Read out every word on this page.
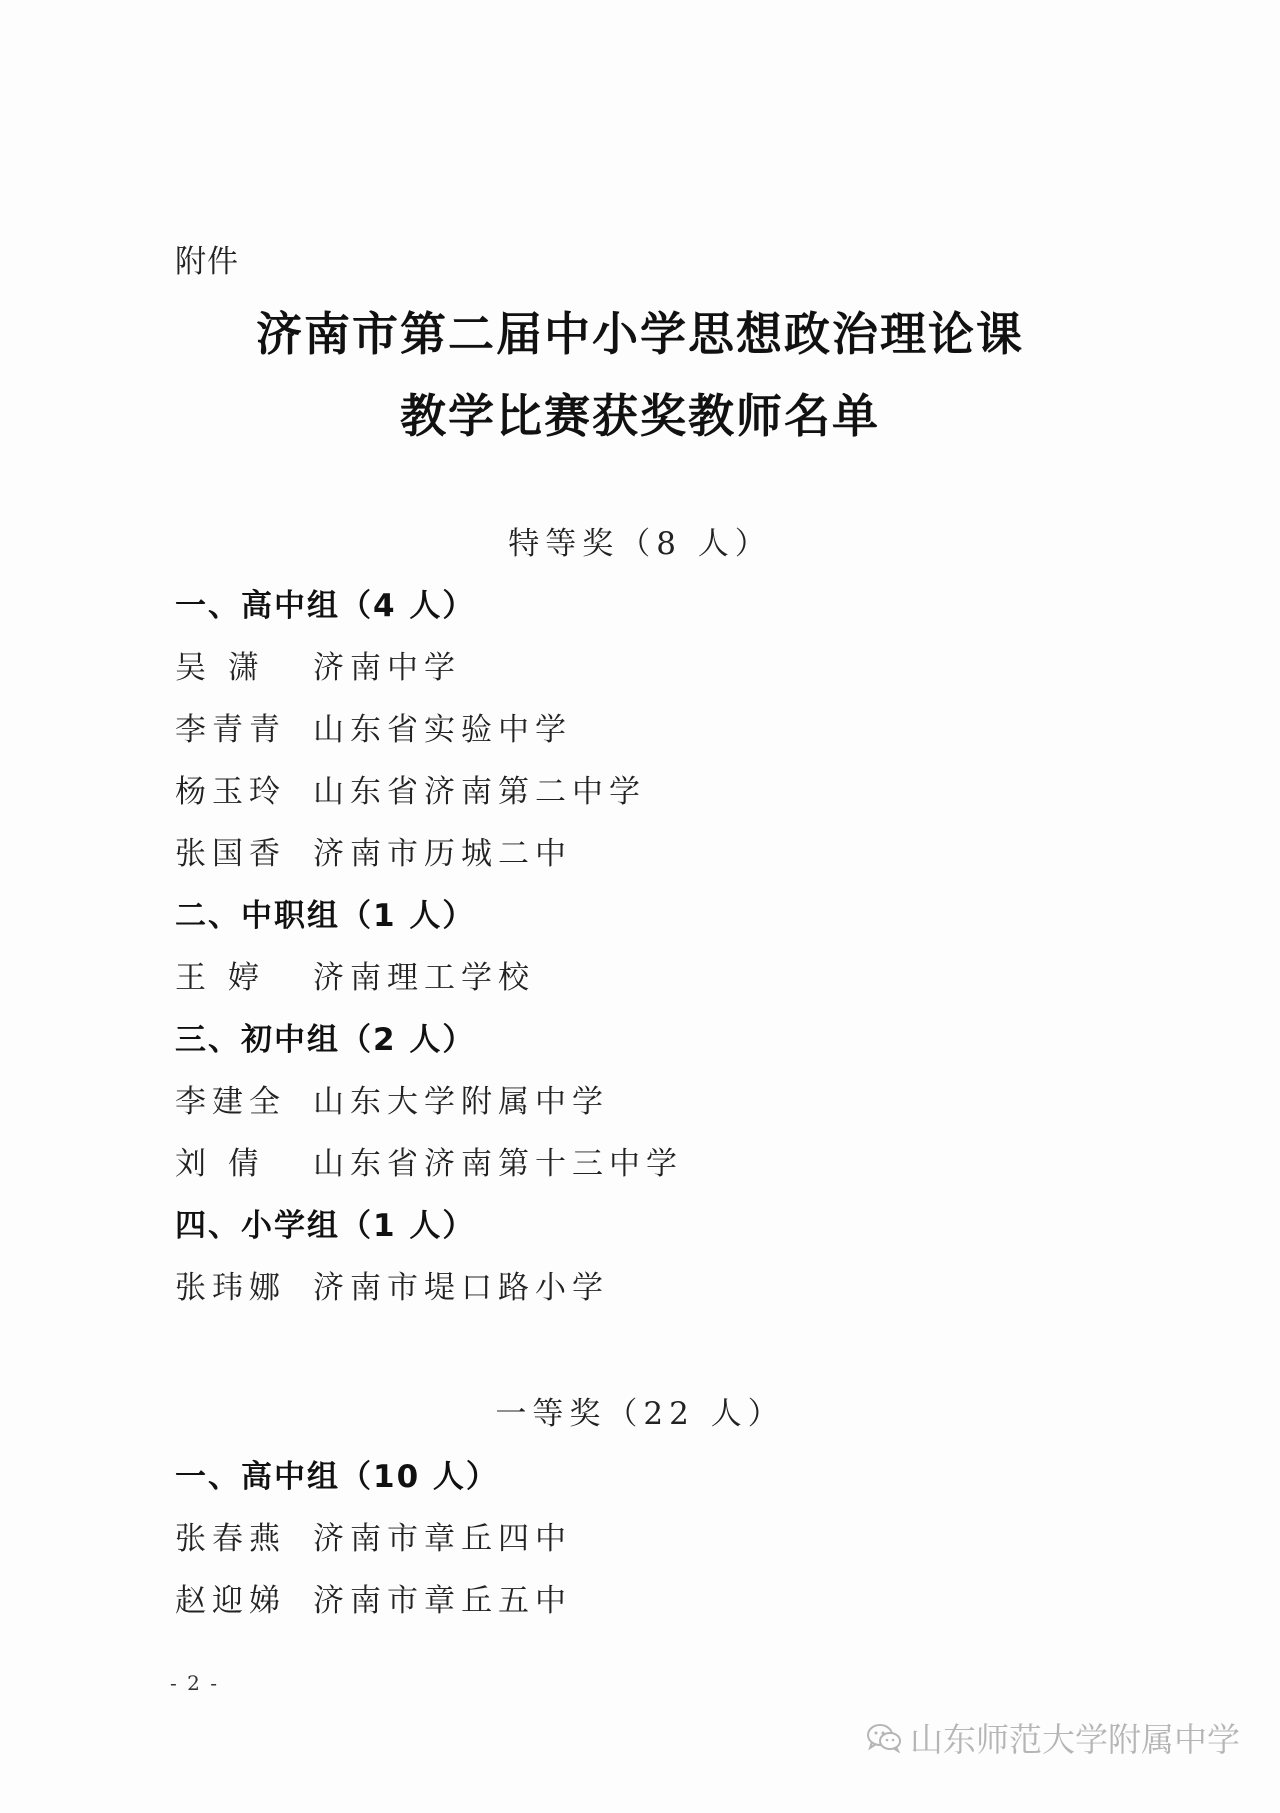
附件
济南市第二届中小学思想政治理论课
教学比赛获奖教师名单
特等奖（8 人）
一、高中组（4 人）
吴 潇 济南中学
李青青 山东省实验中学
杨玉玲 山东省济南第二中学
张国香 济南市历城二中
二、中职组（1 人）
王 婷 济南理工学校
三、初中组（2 人）
李建全 山东大学附属中学
刘 倩 山东省济南第十三中学
四、小学组（1 人）
张玮娜 济南市堤口路小学
一等奖（22 人）
一、高中组（10 人）
张春燕 济南市章丘四中
赵迎娣 济南市章丘五中
- 2 -
山东师范大学附属中学
